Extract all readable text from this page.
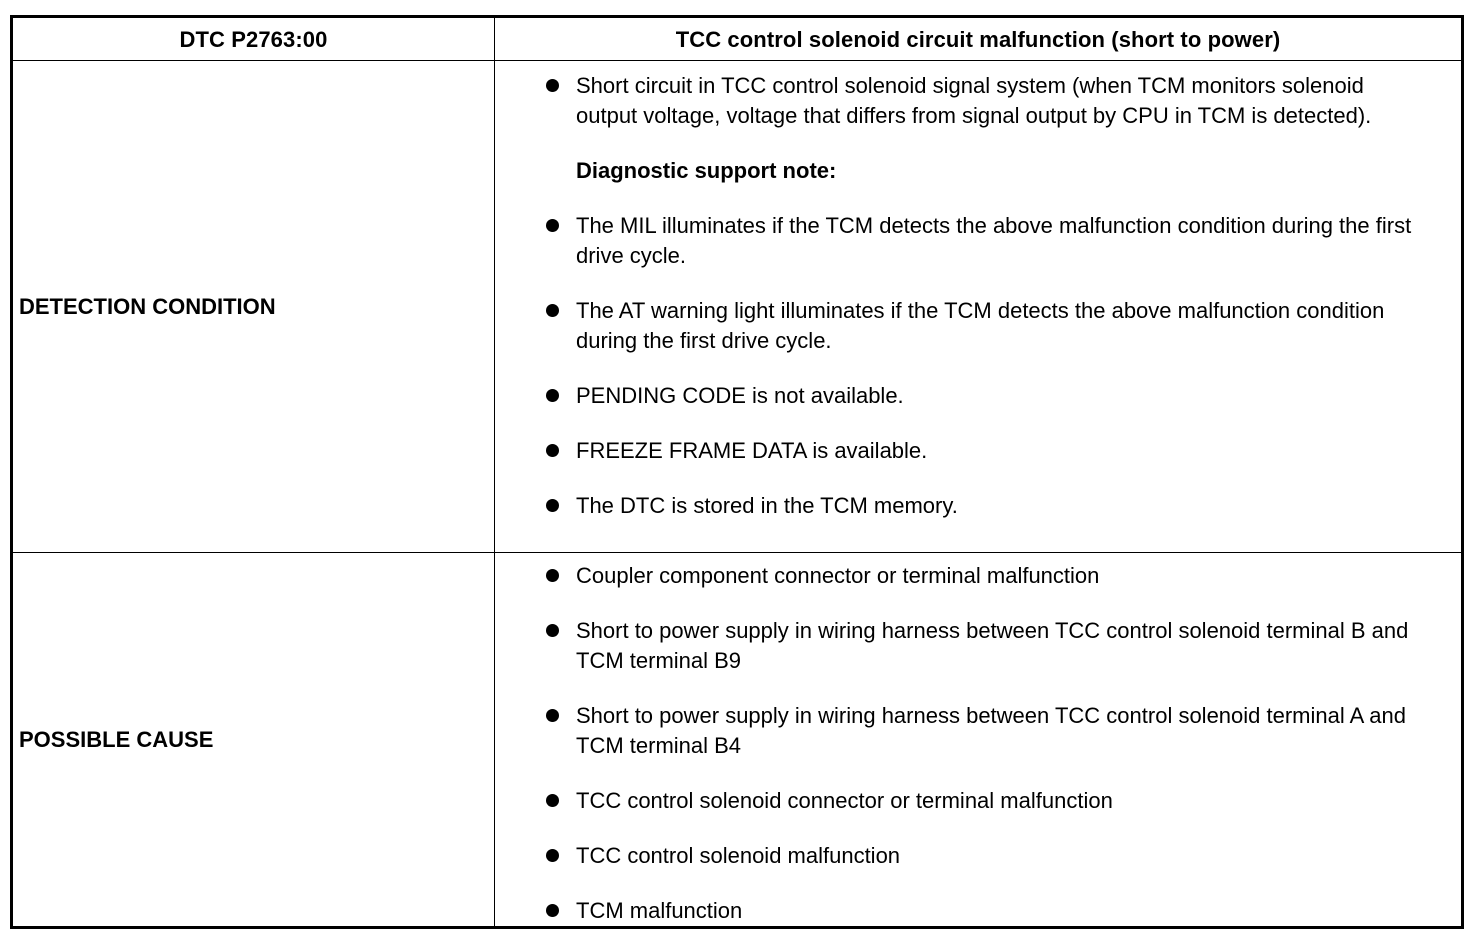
DTC P2763:00	TCC control solenoid circuit malfunction (short to power)
DETECTION CONDITION
Short circuit in TCC control solenoid signal system (when TCM monitors solenoid output voltage, voltage that differs from signal output by CPU in TCM is detected).
Diagnostic support note:
The MIL illuminates if the TCM detects the above malfunction condition during the first drive cycle.
The AT warning light illuminates if the TCM detects the above malfunction condition during the first drive cycle.
PENDING CODE is not available.
FREEZE FRAME DATA is available.
The DTC is stored in the TCM memory.
POSSIBLE CAUSE
Coupler component connector or terminal malfunction
Short to power supply in wiring harness between TCC control solenoid terminal B and TCM terminal B9
Short to power supply in wiring harness between TCC control solenoid terminal A and TCM terminal B4
TCC control solenoid connector or terminal malfunction
TCC control solenoid malfunction
TCM malfunction
